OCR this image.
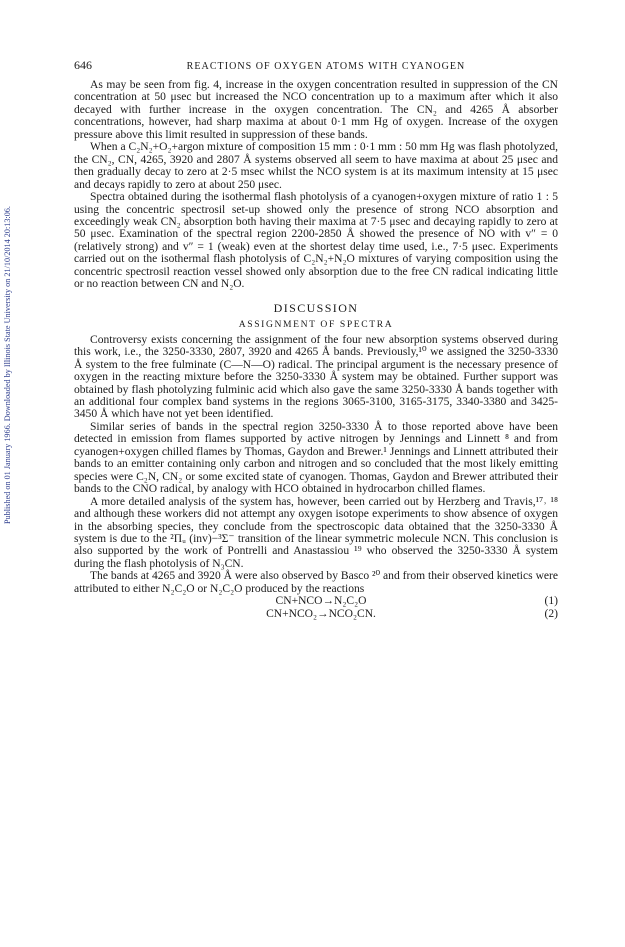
Published on 01 January 1966. Downloaded by Illinois State University on 21/10/2014 20:13:06.
646	REACTIONS OF OXYGEN ATOMS WITH CYANOGEN

As may be seen from fig. 4, increase in the oxygen concentration resulted in suppression of the CN concentration at 50 μsec but increased the NCO concentration up to a maximum after which it also decayed with further increase in the oxygen concentration. The CN₂ and 4265 Å absorber concentrations, however, had sharp maxima at about 0·1 mm Hg of oxygen. Increase of the oxygen pressure above this limit resulted in suppression of these bands.

When a C₂N₂+O₂+argon mixture of composition 15 mm : 0·1 mm : 50 mm Hg was flash photolyzed, the CN₂, CN, 4265, 3920 and 2807 Å systems observed all seem to have maxima at about 25 μsec and then gradually decay to zero at 2·5 msec whilst the NCO system is at its maximum intensity at 15 μsec and decays rapidly to zero at about 250 μsec.

Spectra obtained during the isothermal flash photolysis of a cyanogen+oxygen mixture of ratio 1 : 5 using the concentric spectrosil set-up showed only the presence of strong NCO absorption and exceedingly weak CN₂ absorption both having their maxima at 7·5 μsec and decaying rapidly to zero at 50 μsec. Examination of the spectral region 2200-2850 Å showed the presence of NO with v″ = 0 (relatively strong) and v″ = 1 (weak) even at the shortest delay time used, i.e., 7·5 μsec. Experiments carried out on the isothermal flash photolysis of C₂N₂+N₂O mixtures of varying composition using the concentric spectrosil reaction vessel showed only absorption due to the free CN radical indicating little or no reaction between CN and N₂O.

DISCUSSION
ASSIGNMENT OF SPECTRA

Controversy exists concerning the assignment of the four new absorption systems observed during this work, i.e., the 3250-3330, 2807, 3920 and 4265 Å bands. Previously,¹⁰ we assigned the 3250-3330 Å system to the free fulminate (C—N—O) radical. The principal argument is the necessary presence of oxygen in the reacting mixture before the 3250-3330 Å system may be obtained. Further support was obtained by flash photolyzing fulminic acid which also gave the same 3250-3330 Å bands together with an additional four complex band systems in the regions 3065-3100, 3165-3175, 3340-3380 and 3425-3450 Å which have not yet been identified.

Similar series of bands in the spectral region 3250-3330 Å to those reported above have been detected in emission from flames supported by active nitrogen by Jennings and Linnett ⁸ and from cyanogen+oxygen chilled flames by Thomas, Gaydon and Brewer.¹ Jennings and Linnett attributed their bands to an emitter containing only carbon and nitrogen and so concluded that the most likely emitting species were C₂N, CN₂ or some excited state of cyanogen. Thomas, Gaydon and Brewer attributed their bands to the CNO radical, by analogy with HCO obtained in hydrocarbon chilled flames.

A more detailed analysis of the system has, however, been carried out by Herzberg and Travis,¹⁷˒ ¹⁸ and although these workers did not attempt any oxygen isotope experiments to show absence of oxygen in the absorbing species, they conclude from the spectroscopic data obtained that the 3250-3330 Å system is due to the ²Πᵤ (inv)−³Σ⁻ transition of the linear symmetric molecule NCN. This conclusion is also supported by the work of Pontrelli and Anastassiou ¹⁹ who observed the 3250-3330 Å system during the flash photolysis of N₃CN.

The bands at 4265 and 3920 Å were also observed by Basco ²⁰ and from their observed kinetics were attributed to either N₂C₂O or N₂C₂O produced by the reactions

CN+NCO→N₂C₂O	(1)
CN+NCO₂→NCO₂CN.	(2)
